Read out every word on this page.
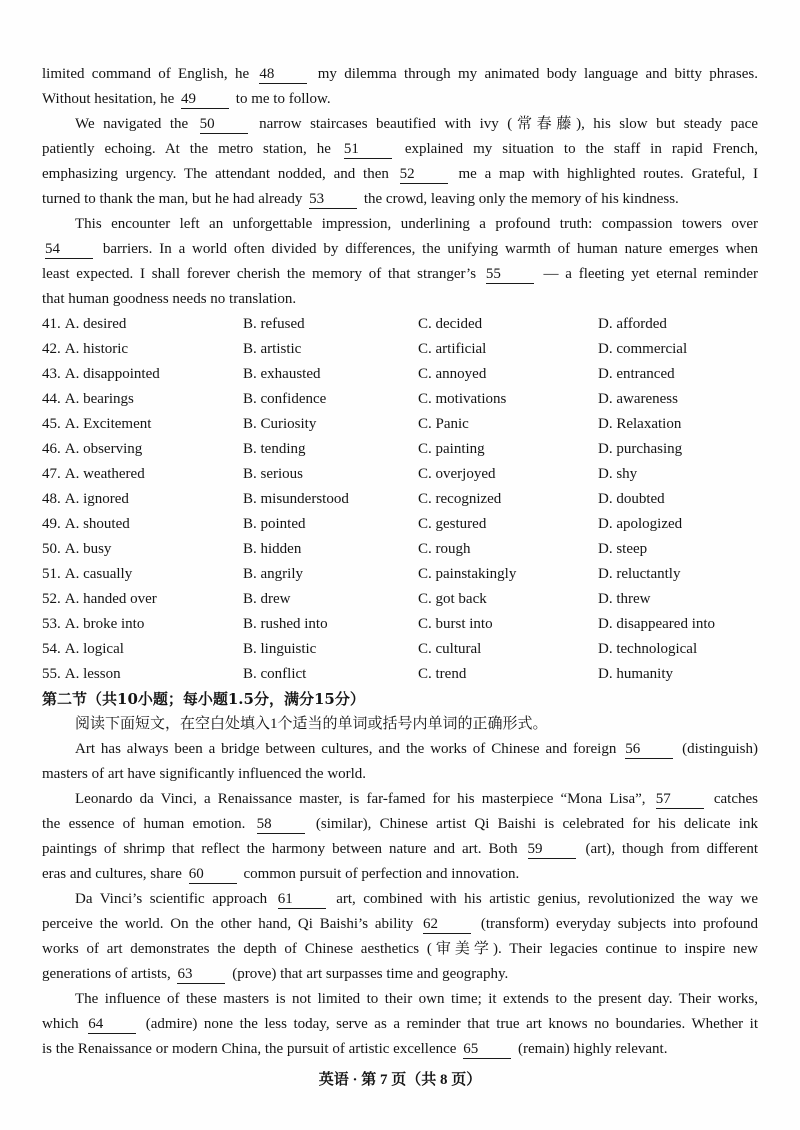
limited command of English, he 48 my dilemma through my animated body language and bitty phrases.
Without hesitation, he 49 to me to follow.
We navigated the 50 narrow staircases beautified with ivy (常春藤), his slow but steady pace
patiently echoing. At the metro station, he 51 explained my situation to the staff in rapid French,
emphasizing urgency. The attendant nodded, and then 52 me a map with highlighted routes. Grateful, I
turned to thank the man, but he had already 53 the crowd, leaving only the memory of his kindness.
This encounter left an unforgettable impression, underlining a profound truth: compassion towers over
54 barriers. In a world often divided by differences, the unifying warmth of human nature emerges when
least expected. I shall forever cherish the memory of that stranger’s 55 — a fleeting yet eternal reminder
that human goodness needs no translation.
41. A. desired	B. refused	C. decided	D. afforded
42. A. historic	B. artistic	C. artificial	D. commercial
43. A. disappointed	B. exhausted	C. annoyed	D. entranced
44. A. bearings	B. confidence	C. motivations	D. awareness
45. A. Excitement	B. Curiosity	C. Panic	D. Relaxation
46. A. observing	B. tending	C. painting	D. purchasing
47. A. weathered	B. serious	C. overjoyed	D. shy
48. A. ignored	B. misunderstood	C. recognized	D. doubted
49. A. shouted	B. pointed	C. gestured	D. apologized
50. A. busy	B. hidden	C. rough	D. steep
51. A. casually	B. angrily	C. painstakingly	D. reluctantly
52. A. handed over	B. drew	C. got back	D. threw
53. A. broke into	B. rushed into	C. burst into	D. disappeared into
54. A. logical	B. linguistic	C. cultural	D. technological
55. A. lesson	B. conflict	C. trend	D. humanity
第二节（共10小题；每小题1.5分，满分15分）
阅读下面短文，在空白处填入1个适当的单词或括号内单词的正确形式。
Art has always been a bridge between cultures, and the works of Chinese and foreign 56 (distinguish)
masters of art have significantly influenced the world.
Leonardo da Vinci, a Renaissance master, is far-famed for his masterpiece “Mona Lisa”, 57 catches
the essence of human emotion. 58 (similar), Chinese artist Qi Baishi is celebrated for his delicate ink
paintings of shrimp that reflect the harmony between nature and art. Both 59 (art), though from different
eras and cultures, share 60 common pursuit of perfection and innovation.
Da Vinci’s scientific approach 61 art, combined with his artistic genius, revolutionized the way we
perceive the world. On the other hand, Qi Baishi’s ability 62 (transform) everyday subjects into profound
works of art demonstrates the depth of Chinese aesthetics (审美学). Their legacies continue to inspire new
generations of artists, 63 (prove) that art surpasses time and geography.
The influence of these masters is not limited to their own time; it extends to the present day. Their works,
which 64 (admire) none the less today, serve as a reminder that true art knows no boundaries. Whether it
is the Renaissance or modern China, the pursuit of artistic excellence 65 (remain) highly relevant.
英语 · 第 7 页（共 8 页）
